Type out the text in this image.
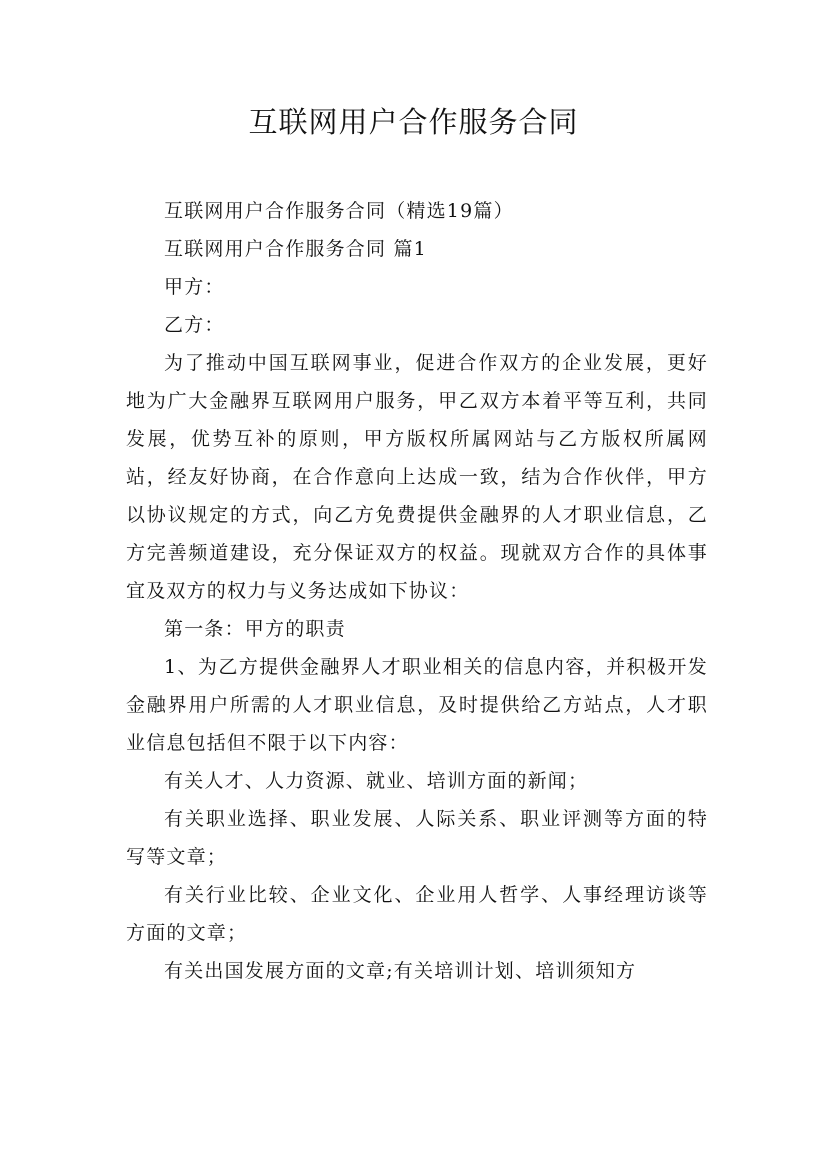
互联网用户合作服务合同

互联网用户合作服务合同（精选19篇）

互联网用户合作服务合同 篇1

甲方：

乙方：

为了推动中国互联网事业，促进合作双方的企业发展，更好地为广大金融界互联网用户服务，甲乙双方本着平等互利，共同发展，优势互补的原则，甲方版权所属网站与乙方版权所属网站，经友好协商，在合作意向上达成一致，结为合作伙伴，甲方以协议规定的方式，向乙方免费提供金融界的人才职业信息，乙方完善频道建设，充分保证双方的权益。现就双方合作的具体事宜及双方的权力与义务达成如下协议：

第一条：甲方的职责

1、为乙方提供金融界人才职业相关的信息内容，并积极开发金融界用户所需的人才职业信息，及时提供给乙方站点，人才职业信息包括但不限于以下内容：

有关人才、人力资源、就业、培训方面的新闻；

有关职业选择、职业发展、人际关系、职业评测等方面的特写等文章；

有关行业比较、企业文化、企业用人哲学、人事经理访谈等方面的文章；

有关出国发展方面的文章;有关培训计划、培训须知方
